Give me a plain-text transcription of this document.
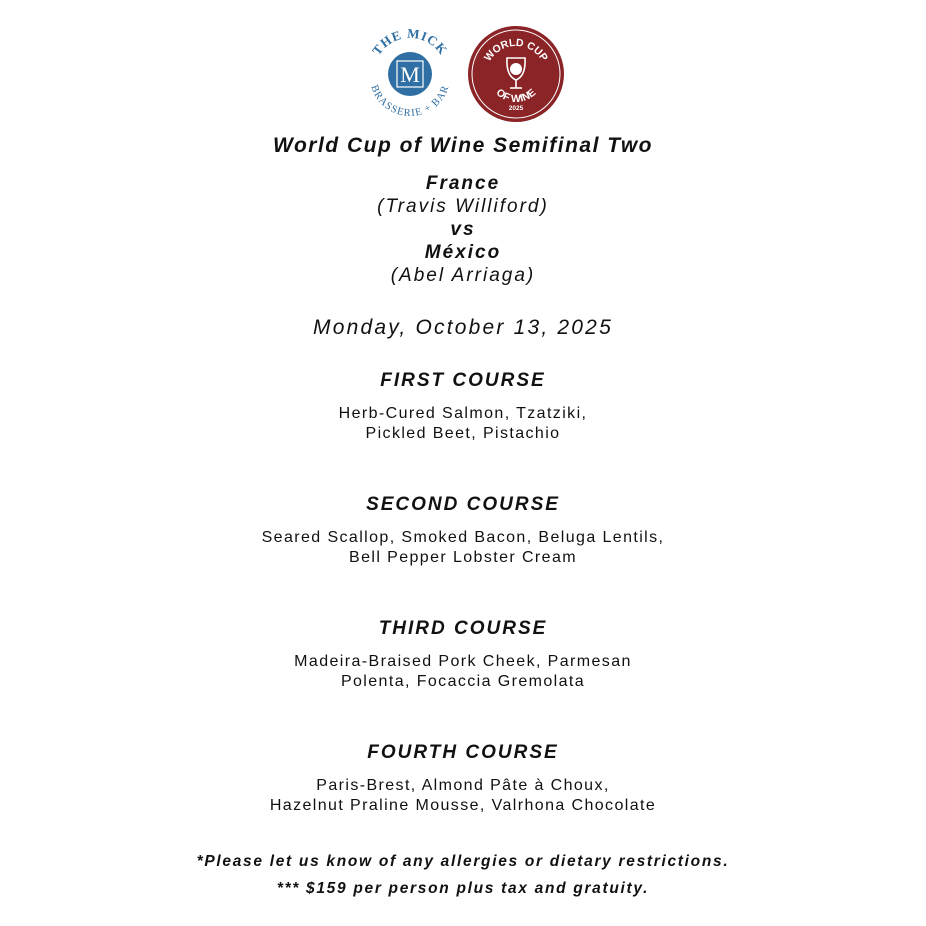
M
THE MICK
BRASSERIE + BAR
WORLD CUP
OF WINE
2025
World Cup of Wine Semifinal Two
France
(Travis Williford)
vs
México
(Abel Arriaga)
Monday, October 13, 2025
FIRST COURSE
Herb-Cured Salmon, Tzatziki,
Pickled Beet, Pistachio
SECOND COURSE
Seared Scallop, Smoked Bacon, Beluga Lentils,
Bell Pepper Lobster Cream
THIRD COURSE
Madeira-Braised Pork Cheek, Parmesan
Polenta, Focaccia Gremolata
FOURTH COURSE
Paris-Brest, Almond Pâte à Choux,
Hazelnut Praline Mousse, Valrhona Chocolate
*Please let us know of any allergies or dietary restrictions.
*** $159 per person plus tax and gratuity.
